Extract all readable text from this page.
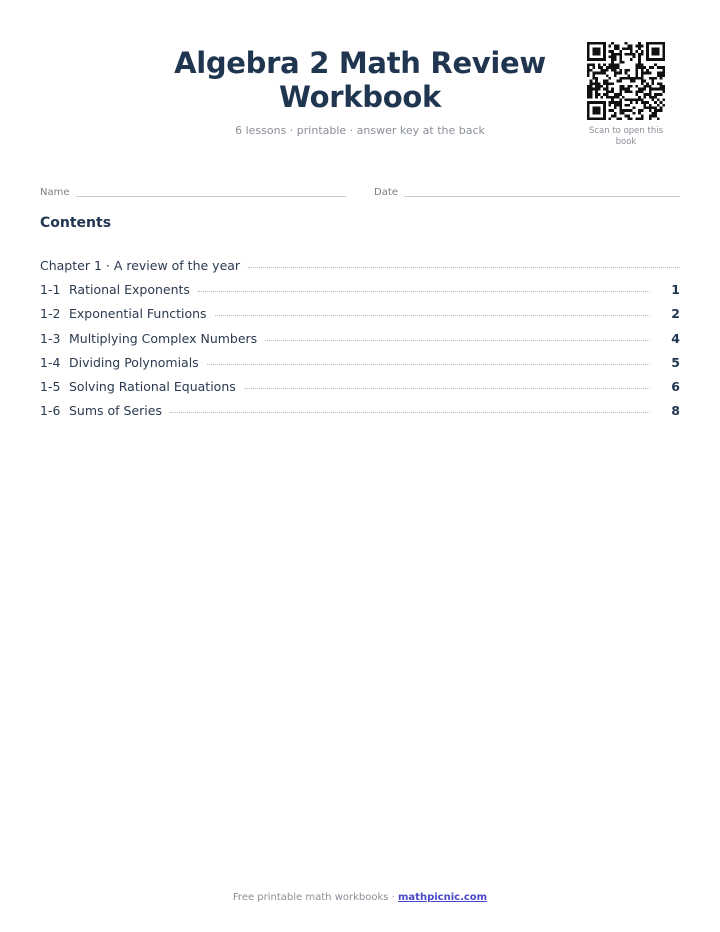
Algebra 2 Math Review Workbook
6 lessons · printable · answer key at the back	Scan to open this book
Name	Date
Contents
Chapter 1 · A review of the year
1-1 Rational Exponents	1
1-2 Exponential Functions	2
1-3 Multiplying Complex Numbers	4
1-4 Dividing Polynomials	5
1-5 Solving Rational Equations	6
1-6 Sums of Series	8
Free printable math workbooks · mathpicnic.com
